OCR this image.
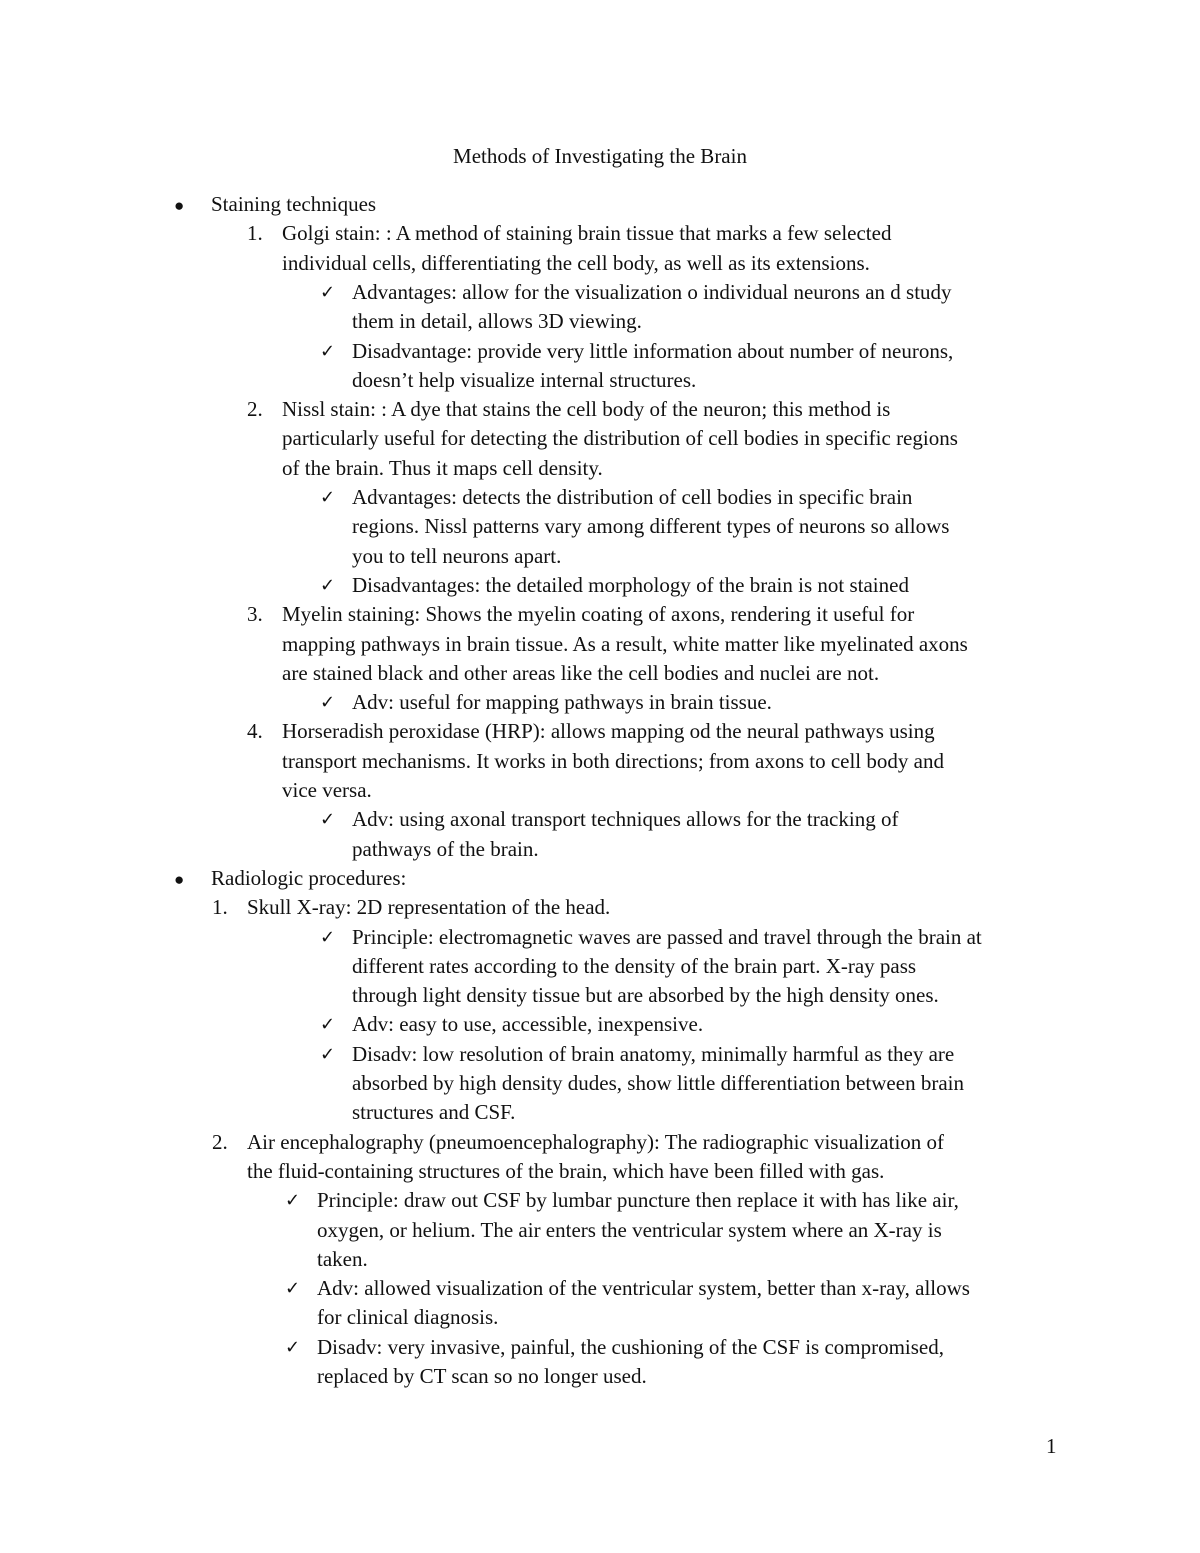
Methods of Investigating the Brain
● Staining techniques
1. Golgi stain: : A method of staining brain tissue that marks a few selected
individual cells, differentiating the cell body, as well as its extensions.
✓ Advantages: allow for the visualization o individual neurons an d study
them in detail, allows 3D viewing.
✓ Disadvantage: provide very little information about number of neurons,
doesn’t help visualize internal structures.
2. Nissl stain: : A dye that stains the cell body of the neuron; this method is
particularly useful for detecting the distribution of cell bodies in specific regions
of the brain. Thus it maps cell density.
✓ Advantages: detects the distribution of cell bodies in specific brain
regions. Nissl patterns vary among different types of neurons so allows
you to tell neurons apart.
✓ Disadvantages: the detailed morphology of the brain is not stained
3. Myelin staining: Shows the myelin coating of axons, rendering it useful for
mapping pathways in brain tissue. As a result, white matter like myelinated axons
are stained black and other areas like the cell bodies and nuclei are not.
✓ Adv: useful for mapping pathways in brain tissue.
4. Horseradish peroxidase (HRP): allows mapping od the neural pathways using
transport mechanisms. It works in both directions; from axons to cell body and
vice versa.
✓ Adv: using axonal transport techniques allows for the tracking of
pathways of the brain.
● Radiologic procedures:
1. Skull X-ray: 2D representation of the head.
✓ Principle: electromagnetic waves are passed and travel through the brain at
different rates according to the density of the brain part. X-ray pass
through light density tissue but are absorbed by the high density ones.
✓ Adv: easy to use, accessible, inexpensive.
✓ Disadv: low resolution of brain anatomy, minimally harmful as they are
absorbed by high density dudes, show little differentiation between brain
structures and CSF.
2. Air encephalography (pneumoencephalography): The radiographic visualization of
the fluid-containing structures of the brain, which have been filled with gas.
✓ Principle: draw out CSF by lumbar puncture then replace it with has like air,
oxygen, or helium. The air enters the ventricular system where an X-ray is
taken.
✓ Adv: allowed visualization of the ventricular system, better than x-ray, allows
for clinical diagnosis.
✓ Disadv: very invasive, painful, the cushioning of the CSF is compromised,
replaced by CT scan so no longer used.
1
